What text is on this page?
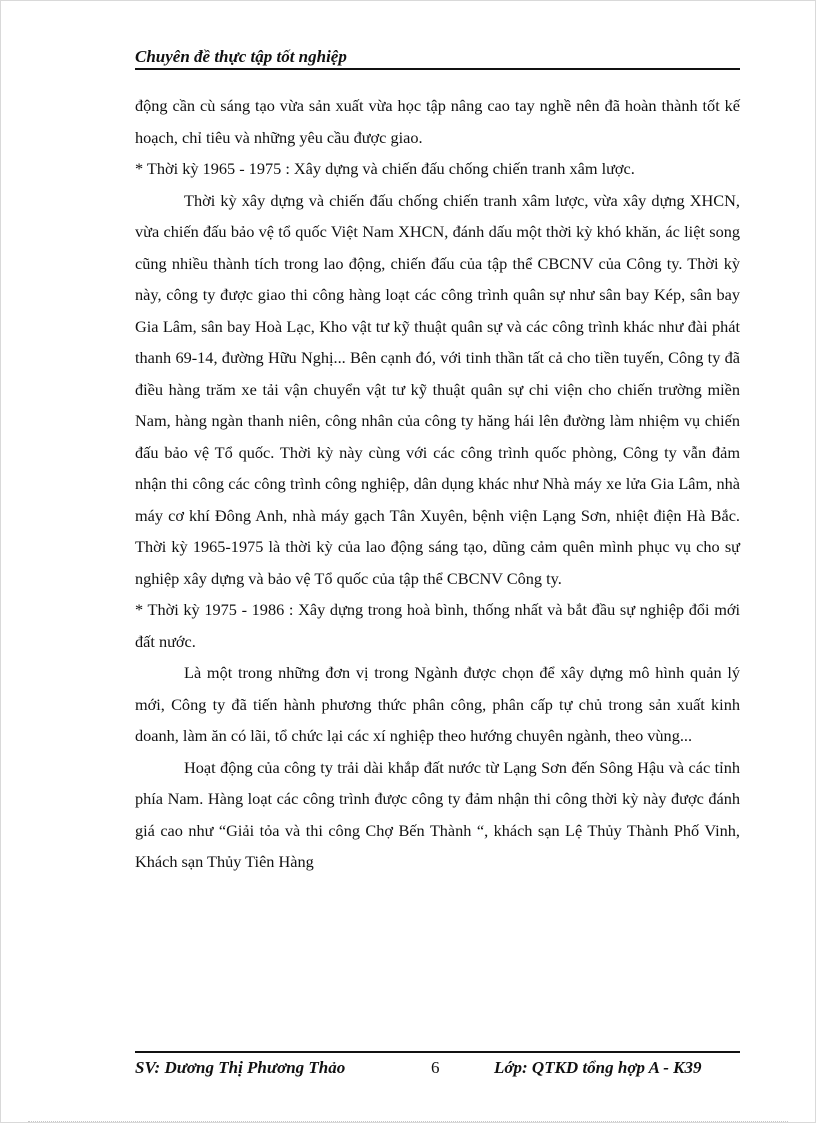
Chuyên đề thực tập tốt nghiệp

động cần cù sáng tạo vừa sản xuất vừa học tập nâng cao tay nghề nên đã hoàn thành tốt kế hoạch, chỉ tiêu và những yêu cầu được giao.

* Thời kỳ 1965 - 1975 : Xây dựng và chiến đấu chống chiến tranh xâm lược.

Thời kỳ xây dựng và chiến đấu chống chiến tranh xâm lược, vừa xây dựng XHCN, vừa chiến đấu bảo vệ tổ quốc Việt Nam XHCN, đánh dấu một thời kỳ khó khăn, ác liệt song cũng nhiều thành tích trong lao động, chiến đấu của tập thể CBCNV của Công ty. Thời kỳ này, công ty được giao thi công hàng loạt các công trình quân sự như sân bay Kép, sân bay Gia Lâm, sân bay Hoà Lạc, Kho vật tư kỹ thuật quân sự và các công trình khác như đài phát thanh 69-14, đường Hữu Nghị... Bên cạnh đó, với tinh thần tất cả cho tiền tuyến, Công ty đã điều hàng trăm xe tải vận chuyển vật tư kỹ thuật quân sự chi viện cho chiến trường miền Nam, hàng ngàn thanh niên, công nhân của công ty hăng hái lên đường làm nhiệm vụ chiến đấu bảo vệ Tổ quốc. Thời kỳ này cùng với các công trình quốc phòng, Công ty vẫn đảm nhận thi công các công trình công nghiệp, dân dụng khác như Nhà máy xe lửa Gia Lâm, nhà máy cơ khí Đông Anh, nhà máy gạch Tân Xuyên, bệnh viện Lạng Sơn, nhiệt điện Hà Bắc. Thời kỳ 1965-1975 là thời kỳ của lao động sáng tạo, dũng cảm quên mình phục vụ cho sự nghiệp xây dựng và bảo vệ Tổ quốc của tập thể CBCNV Công ty.

* Thời kỳ 1975 - 1986 : Xây dựng trong hoà bình, thống nhất và bắt đầu sự nghiệp đổi mới đất nước.

Là một trong những đơn vị trong Ngành được chọn để xây dựng mô hình quản lý mới, Công ty đã tiến hành phương thức phân công, phân cấp tự chủ trong sản xuất kinh doanh, làm ăn có lãi, tổ chức lại các xí nghiệp theo hướng chuyên ngành, theo vùng...

Hoạt động của công ty trải dài khắp đất nước từ Lạng Sơn đến Sông Hậu và các tỉnh phía Nam. Hàng loạt các công trình được công ty đảm nhận thi công thời kỳ này được đánh giá cao như “Giải tỏa và thi công Chợ Bến Thành “, khách sạn Lệ Thủy Thành Phố Vinh, Khách sạn Thủy Tiên Hàng

SV: Dương Thị Phương Thảo	6	Lớp: QTKD tổng hợp A - K39
